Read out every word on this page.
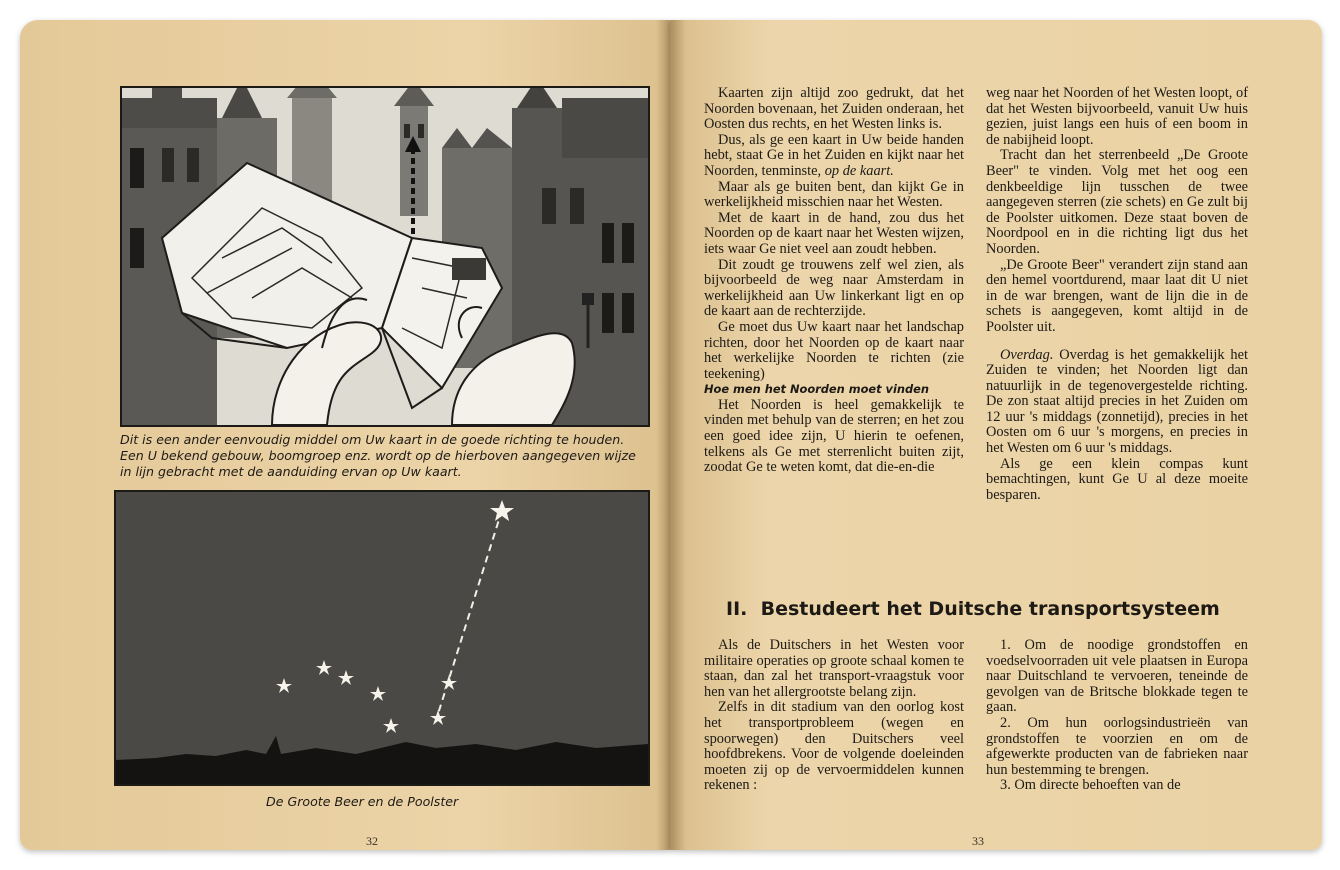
Dit is een ander eenvoudig middel om Uw kaart in de goede richting te houden. Een U bekend gebouw, boomgroep enz. wordt op de hierboven aangegeven wijze in lijn gebracht met de aanduiding ervan op Uw kaart.
De Groote Beer en de Poolster
32

Kaarten zijn altijd zoo gedrukt, dat het Noorden bovenaan, het Zuiden onderaan, het Oosten dus rechts, en het Westen links is.

Dus, als ge een kaart in Uw beide handen hebt, staat Ge in het Zuiden en kijkt naar het Noorden, tenminste, op de kaart.

Maar als ge buiten bent, dan kijkt Ge in werkelijkheid misschien naar het Westen.

Met de kaart in de hand, zou dus het Noorden op de kaart naar het Westen wijzen, iets waar Ge niet veel aan zoudt hebben.

Dit zoudt ge trouwens zelf wel zien, als bijvoorbeeld de weg naar Amsterdam in werkelijkheid aan Uw linkerkant ligt en op de kaart aan de rechterzijde.

Ge moet dus Uw kaart naar het landschap richten, door het Noorden op de kaart naar het werkelijke Noorden te richten (zie teekening)

Hoe men het Noorden moet vinden

Het Noorden is heel gemakkelijk te vinden met behulp van de sterren; en het zou een goed idee zijn, U hierin te oefenen, telkens als Ge met sterrenlicht buiten zijt, zoodat Ge te weten komt, dat die-en-die

weg naar het Noorden of het Westen loopt, of dat het Westen bijvoorbeeld, vanuit Uw huis gezien, juist langs een huis of een boom in de nabijheid loopt.

Tracht dan het sterrenbeeld „De Groote Beer" te vinden. Volg met het oog een denkbeeldige lijn tusschen de twee aangegeven sterren (zie schets) en Ge zult bij de Poolster uitkomen. Deze staat boven de Noordpool en in die richting ligt dus het Noorden.

„De Groote Beer" verandert zijn stand aan den hemel voortdurend, maar laat dit U niet in de war brengen, want de lijn die in de schets is aangegeven, komt altijd in de Poolster uit.

Overdag. Overdag is het gemakkelijk het Zuiden te vinden; het Noorden ligt dan natuurlijk in de tegenovergestelde richting. De zon staat altijd precies in het Zuiden om 12 uur 's middags (zonnetijd), precies in het Oosten om 6 uur 's morgens, en precies in het Westen om 6 uur 's middags.

Als ge een klein compas kunt bemachtingen, kunt Ge U al deze moeite besparen.

II.  Bestudeert het Duitsche transportsysteem

Als de Duitschers in het Westen voor militaire operaties op groote schaal komen te staan, dan zal het transport-vraagstuk voor hen van het allergrootste belang zijn.

Zelfs in dit stadium van den oorlog kost het transportprobleem (wegen en spoorwegen) den Duitschers veel hoofdbrekens. Voor de volgende doeleinden moeten zij op de vervoermiddelen kunnen rekenen :

1. Om de noodige grondstoffen en voedselvoorraden uit vele plaatsen in Europa naar Duitschland te vervoeren, teneinde de gevolgen van de Britsche blokkade tegen te gaan.

2. Om hun oorlogsindustrieën van grondstoffen te voorzien en om de afgewerkte producten van de fabrieken naar hun bestemming te brengen.

3. Om directe behoeften van de

33
